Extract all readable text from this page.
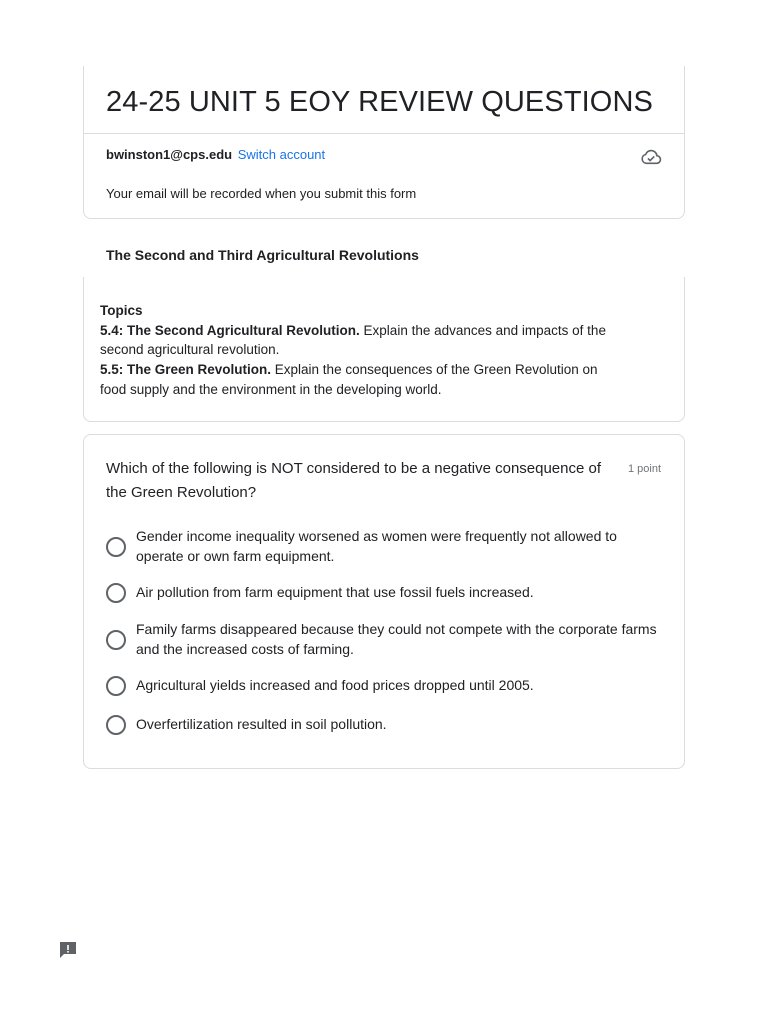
24-25 UNIT 5 EOY REVIEW QUESTIONS
bwinston1@cps.edu Switch account
Your email will be recorded when you submit this form
The Second and Third Agricultural Revolutions
Topics
5.4: The Second Agricultural Revolution. Explain the advances and impacts of the second agricultural revolution.
5.5: The Green Revolution. Explain the consequences of the Green Revolution on food supply and the environment in the developing world.
Which of the following is NOT considered to be a negative consequence of the Green Revolution?
1 point
Gender income inequality worsened as women were frequently not allowed to operate or own farm equipment.
Air pollution from farm equipment that use fossil fuels increased.
Family farms disappeared because they could not compete with the corporate farms and the increased costs of farming.
Agricultural yields increased and food prices dropped until 2005.
Overfertilization resulted in soil pollution.
